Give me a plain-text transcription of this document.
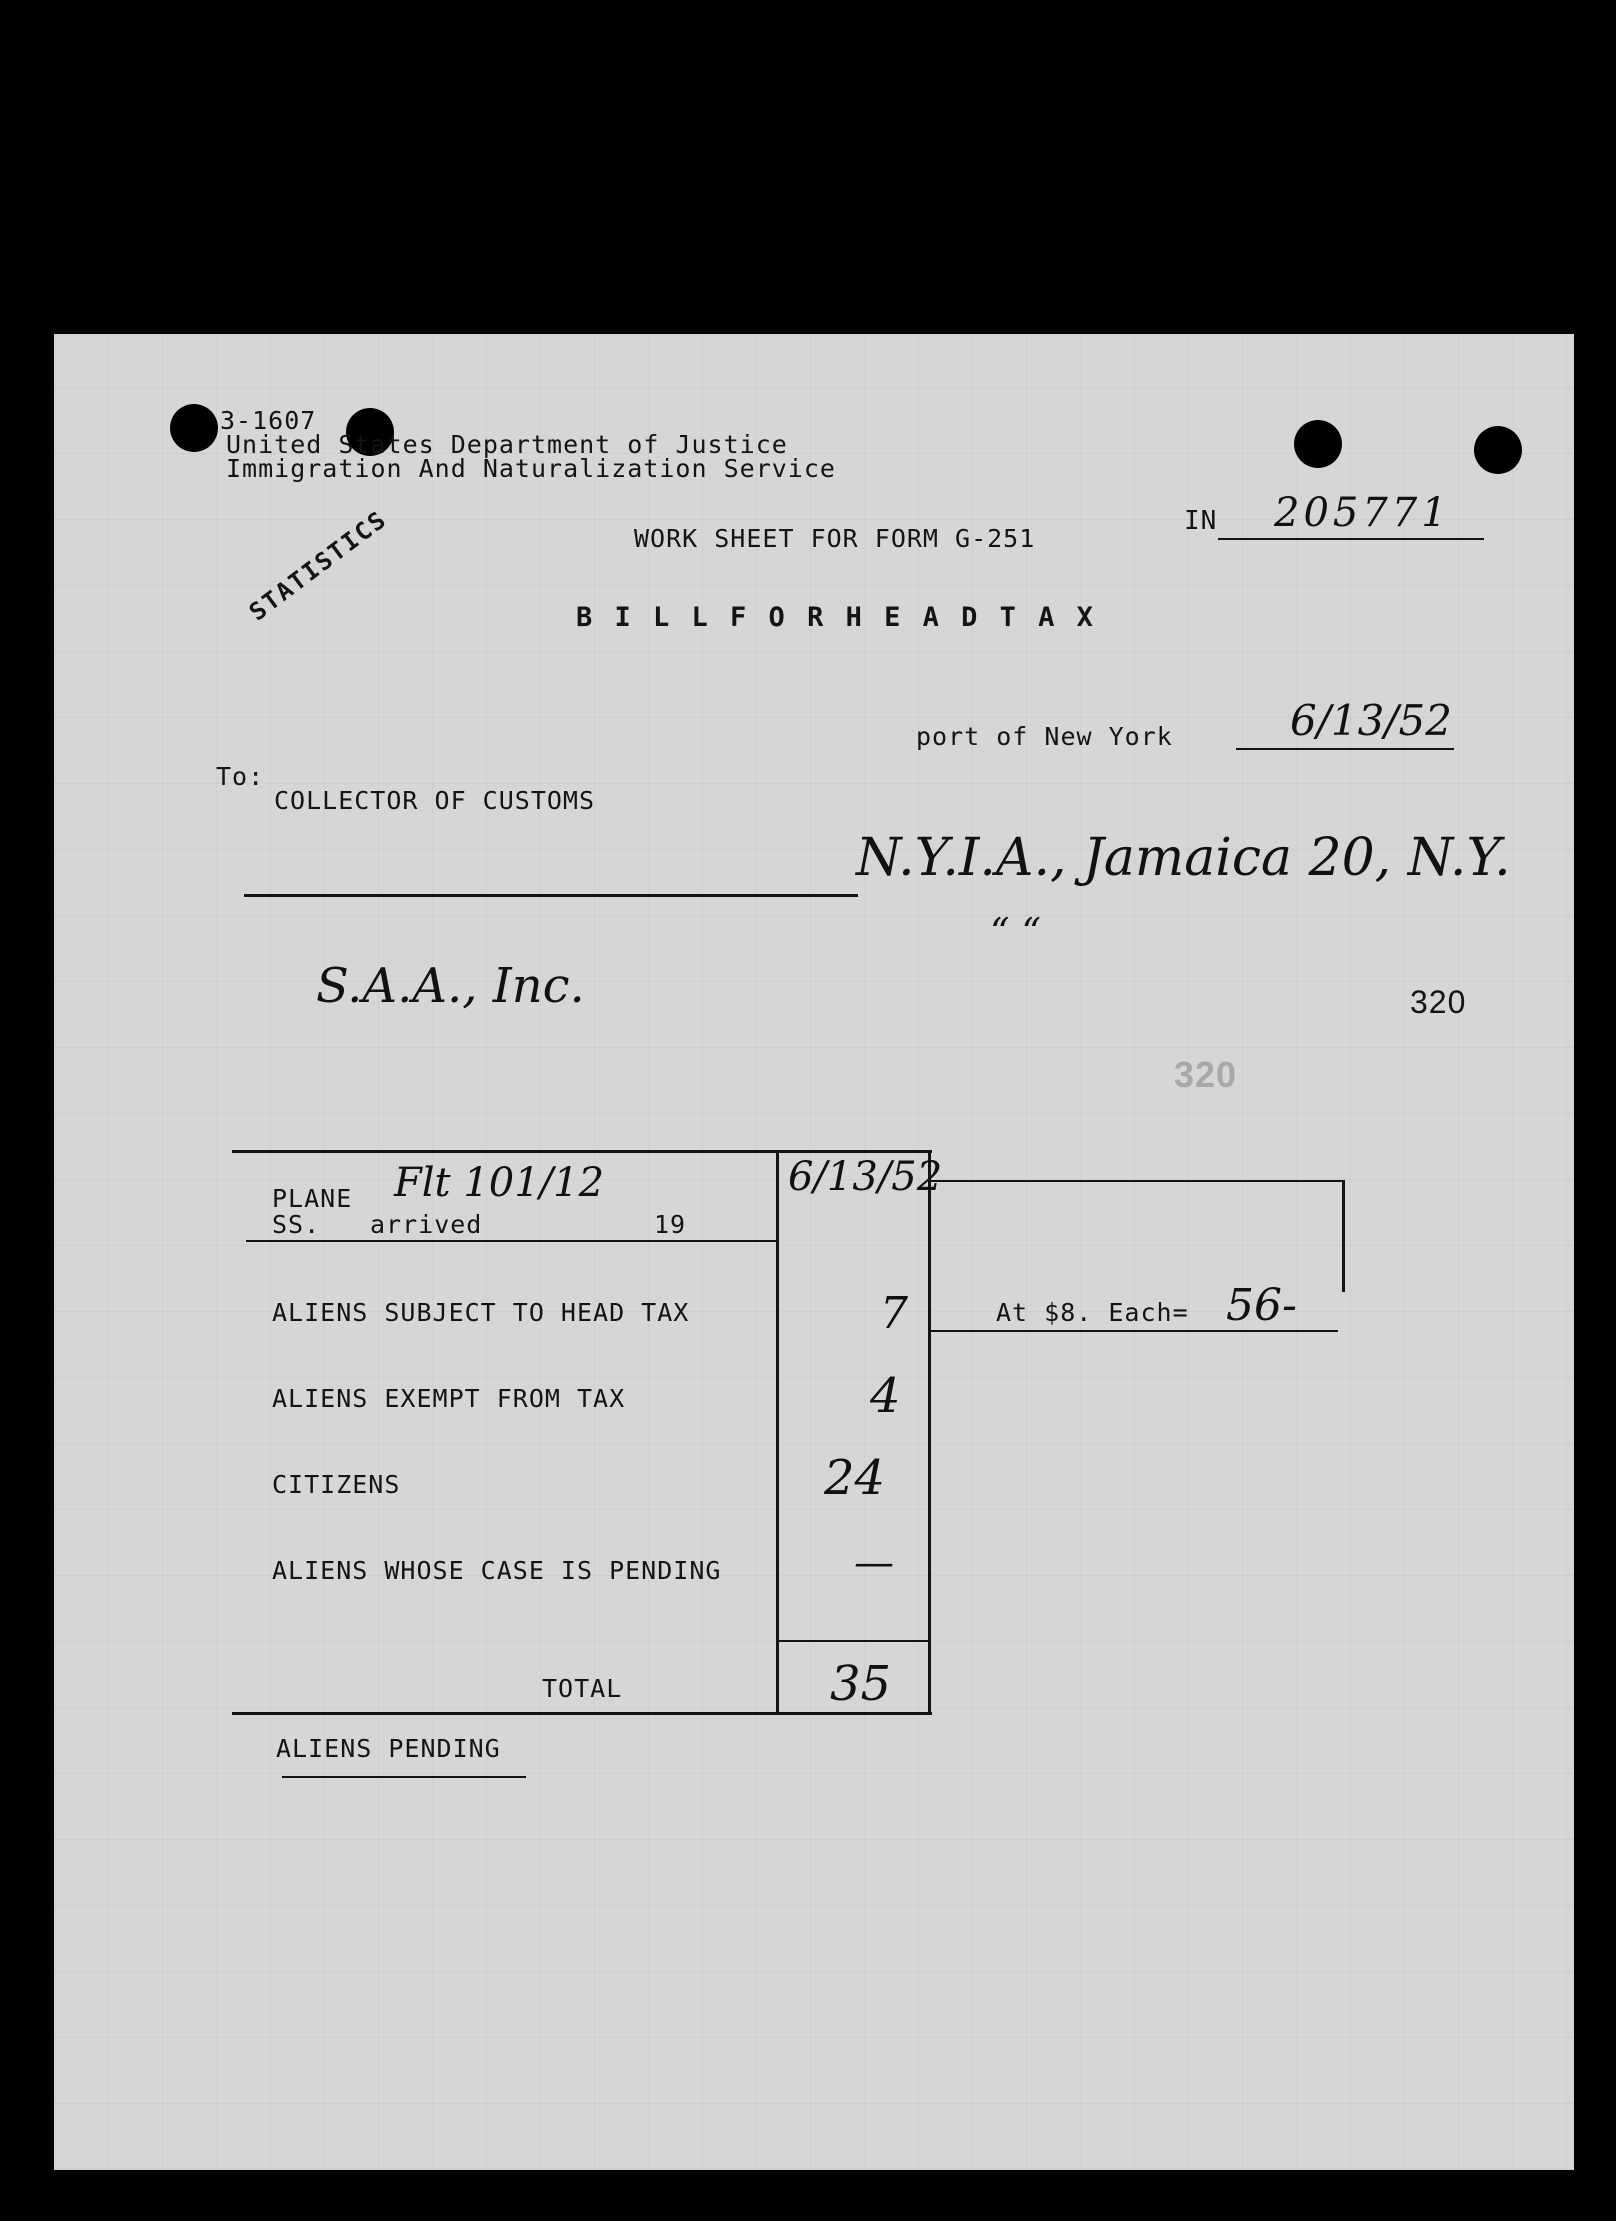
3-1607
United States Department of Justice
Immigration And Naturalization Service
WORK SHEET FOR FORM G-251
IN 205771
B I L L F O R H E A D T A X
STATISTICS
port of New York	6/13/52
To:
COLLECTOR OF CUSTOMS
N.Y.I.A., Jamaica 20, N.Y.
“ “
S.A.A., Inc.	320
320
PLANE Flt 101/12
SS. arrived	19
6/13/52
ALIENS SUBJECT TO HEAD TAX	7
ALIENS EXEMPT FROM TAX	4
CITIZENS	24
ALIENS WHOSE CASE IS PENDING	—
TOTAL	35
At $8. Each= 56-
ALIENS PENDING
